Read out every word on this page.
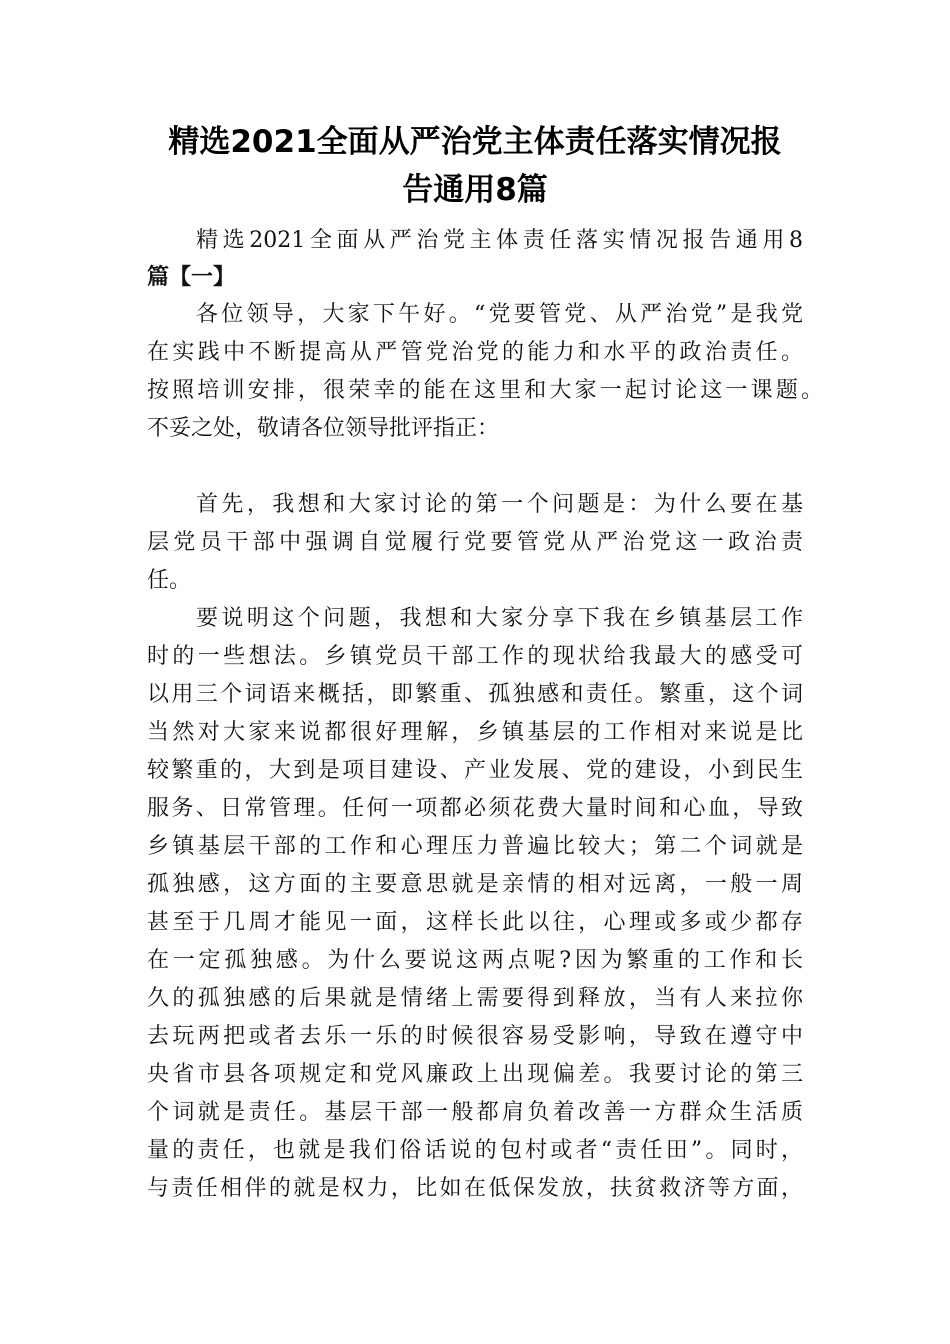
精选2021全面从严治党主体责任落实情况报
告通用8篇
精选2021全面从严治党主体责任落实情况报告通用8
篇【一】
各位领导，大家下午好。“党要管党、从严治党”是我党
在实践中不断提高从严管党治党的能力和水平的政治责任。
按照培训安排，很荣幸的能在这里和大家一起讨论这一课题。
不妥之处，敬请各位领导批评指正：
首先，我想和大家讨论的第一个问题是：为什么要在基
层党员干部中强调自觉履行党要管党从严治党这一政治责
任。
要说明这个问题，我想和大家分享下我在乡镇基层工作
时的一些想法。乡镇党员干部工作的现状给我最大的感受可
以用三个词语来概括，即繁重、孤独感和责任。繁重，这个词
当然对大家来说都很好理解，乡镇基层的工作相对来说是比
较繁重的，大到是项目建设、产业发展、党的建设，小到民生
服务、日常管理。任何一项都必须花费大量时间和心血，导致
乡镇基层干部的工作和心理压力普遍比较大；第二个词就是
孤独感，这方面的主要意思就是亲情的相对远离，一般一周
甚至于几周才能见一面，这样长此以往，心理或多或少都存
在一定孤独感。为什么要说这两点呢?因为繁重的工作和长
久的孤独感的后果就是情绪上需要得到释放，当有人来拉你
去玩两把或者去乐一乐的时候很容易受影响，导致在遵守中
央省市县各项规定和党风廉政上出现偏差。我要讨论的第三
个词就是责任。基层干部一般都肩负着改善一方群众生活质
量的责任，也就是我们俗话说的包村或者“责任田”。同时，
与责任相伴的就是权力，比如在低保发放，扶贫救济等方面，
